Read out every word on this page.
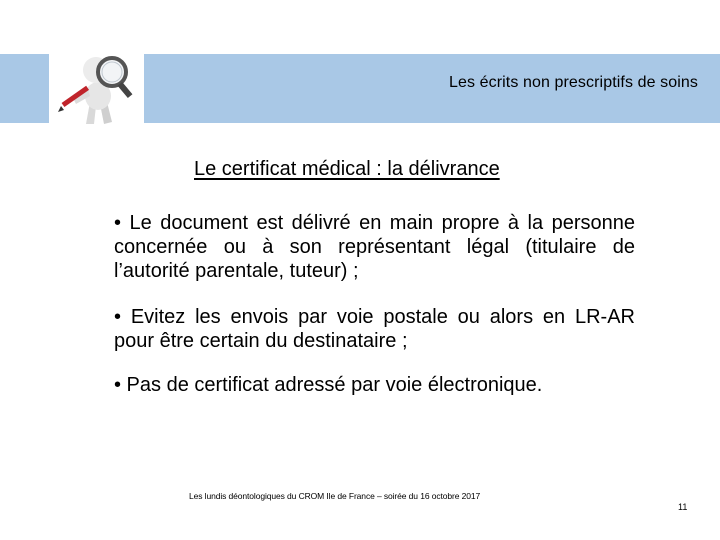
Les écrits non prescriptifs de soins
Le certificat médical : la délivrance
• Le document est délivré en main propre à la personne concernée ou à son représentant légal (titulaire de l’autorité parentale, tuteur) ;
• Evitez les envois par voie postale ou alors en LR-AR pour être certain du destinataire ;
• Pas de certificat adressé par voie électronique.
Les lundis déontologiques du CROM Ile de France – soirée du 16 octobre 2017
11
